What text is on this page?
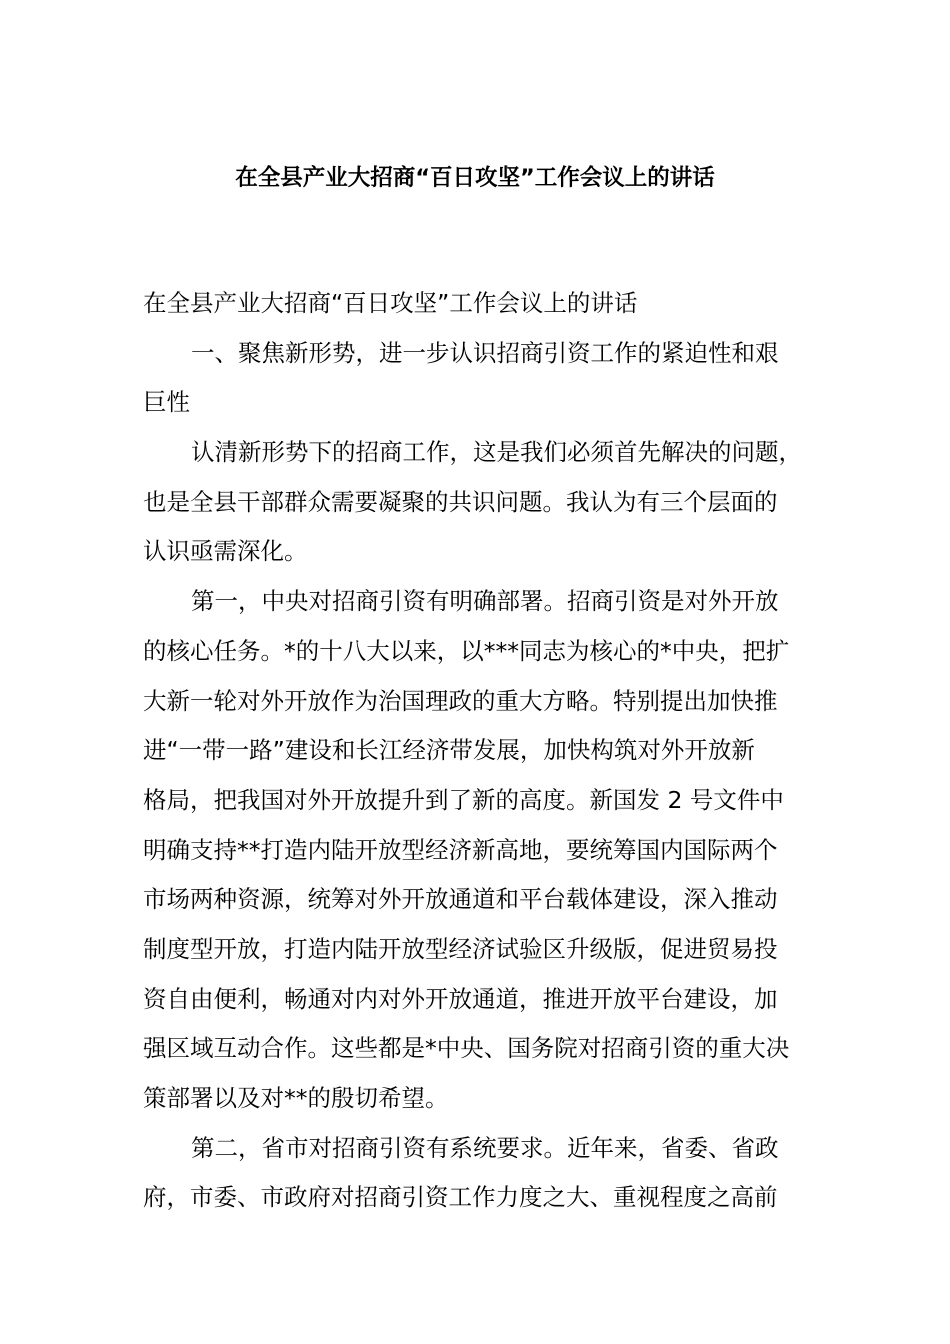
在全县产业大招商“百日攻坚”工作会议上的讲话
在全县产业大招商“百日攻坚”工作会议上的讲话
一、聚焦新形势，进一步认识招商引资工作的紧迫性和艰
巨性
认清新形势下的招商工作，这是我们必须首先解决的问题，
也是全县干部群众需要凝聚的共识问题。我认为有三个层面的
认识亟需深化。
第一，中央对招商引资有明确部署。招商引资是对外开放
的核心任务。*的十八大以来，以***同志为核心的*中央，把扩
大新一轮对外开放作为治国理政的重大方略。特别提出加快推
进“一带一路”建设和长江经济带发展，加快构筑对外开放新
格局，把我国对外开放提升到了新的高度。新国发 2 号文件中
明确支持**打造内陆开放型经济新高地，要统筹国内国际两个
市场两种资源，统筹对外开放通道和平台载体建设，深入推动
制度型开放，打造内陆开放型经济试验区升级版，促进贸易投
资自由便利，畅通对内对外开放通道，推进开放平台建设，加
强区域互动合作。这些都是*中央、国务院对招商引资的重大决
策部署以及对**的殷切希望。
第二，省市对招商引资有系统要求。近年来，省委、省政
府，市委、市政府对招商引资工作力度之大、重视程度之高前
